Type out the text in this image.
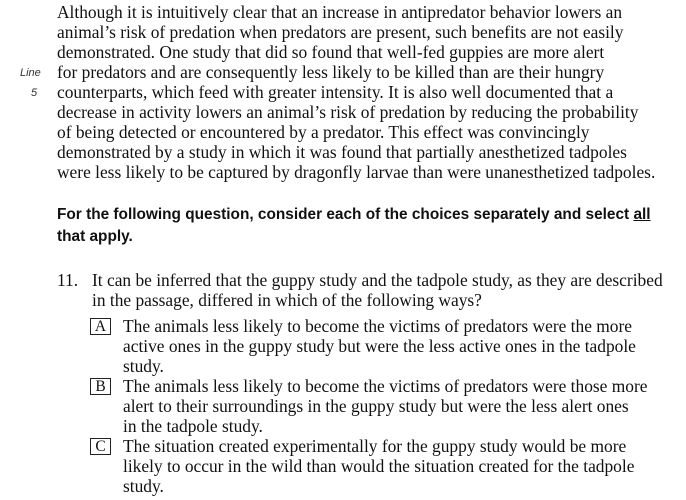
Although it is intuitively clear that an increase in antipredator behavior lowers an
animal’s risk of predation when predators are present, such benefits are not easily
demonstrated. One study that did so found that well-fed guppies are more alert
for predators and are consequently less likely to be killed than are their hungry
counterparts, which feed with greater intensity. It is also well documented that a
decrease in activity lowers an animal’s risk of predation by reducing the probability
of being detected or encountered by a predator. This effect was convincingly
demonstrated by a study in which it was found that partially anesthetized tadpoles
were less likely to be captured by dragonfly larvae than were unanesthetized tadpoles.
Line
5
For the following question, consider each of the choices separately and select all
that apply.
11. It can be inferred that the guppy study and the tadpole study, as they are described
in the passage, differed in which of the following ways?
A The animals less likely to become the victims of predators were the more
active ones in the guppy study but were the less active ones in the tadpole
study.
B The animals less likely to become the victims of predators were those more
alert to their surroundings in the guppy study but were the less alert ones
in the tadpole study.
C The situation created experimentally for the guppy study would be more
likely to occur in the wild than would the situation created for the tadpole
study.
